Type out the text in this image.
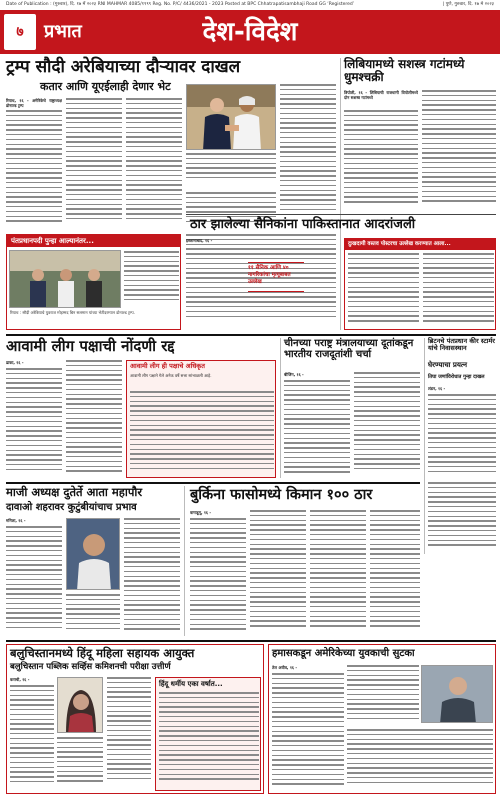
Date of Publication : (गुरुवार), दि. १७ में २०२३ RNI MAHMAR 4085/१९९९ Reg. No. P/C/ 4436/2021 - 2023 Posted at BPC Chhatrapatisambhaji Road GG ‘Registered’	| पुणे, गुरुवार, दि. १७ मे २०२३
७	प्रभात	देश-विदेश
ट्रम्प सौदी अरेबियाच्या दौऱ्यावर दाखल
कतार आणि यूएईलाही देणार भेट
रियाध, १६ - अमेरिकेचे राष्ट्राध्यक्ष डोनाल्ड ट्रम्प
पंतप्रधानपदी पुन्हा आल्यानंतर...
रियाध : सौदी अरेबियाचे युवराज मोहम्मद बिन सलमान यांच्या भेटीदरम्यान डोनाल्ड ट्रम्प.
लिबियामध्ये सशस्त्र गटांमध्ये धुमश्चक्री
त्रिपोली, १६ - लिबियाची राजधानी त्रिपोलीमध्ये दोन सशस्त्र गटांमध्ये
ठार झालेल्या सैनिकांना पाकिस्तानात आदरांजली
इस्लामाबाद, १६ -
११ सैनिक आणि ४० नागरिकांचा मृत्यूबाबत उल्लेख
दुःखदायी वस्तव पोस्टरचा उल्लेख करण्यात आला...
आवामी लीग पक्षाची नोंदणी रद्द
ढाका, १६ -	आवामी लीग ही पक्षाचे अधिकृत
आवामी लीग पक्षाने गेले अनेक वर्षे सत्ता सांभाळली आहे.
चीनच्या पराष्ट्र मंत्रालयाच्या दूतांकडून भारतीय राजदूतांशी चर्चा
बीजिंग, १६ -
ब्रिटनचे पंतप्रधान कीर स्टार्मर यांचे निवासस्थान
घेरण्याचा प्रयत्न
तिघा जणांविरोधात गुन्हा दाखल
लंडन, १६ -
माजी अध्यक्ष दुतेर्ते आता महापौर
दावाओ शहरावर कुटुंबीयांचाच प्रभाव
मनिला, १६ -
बुर्किना फासोमध्ये किमान १०० ठार
वागाडूगू, १६ -
बलुचिस्तानमध्ये हिंदू महिला सहायक आयुक्त
बलुचिस्तान पब्लिक सर्व्हिस कमिशनची परीक्षा उत्तीर्ण
कराची, १६ -
हिंदू धर्मीय एका वर्षात...
हमासकडून अमेरिकेच्या युवकाची सुटका
तेल अवीव, १६ -
